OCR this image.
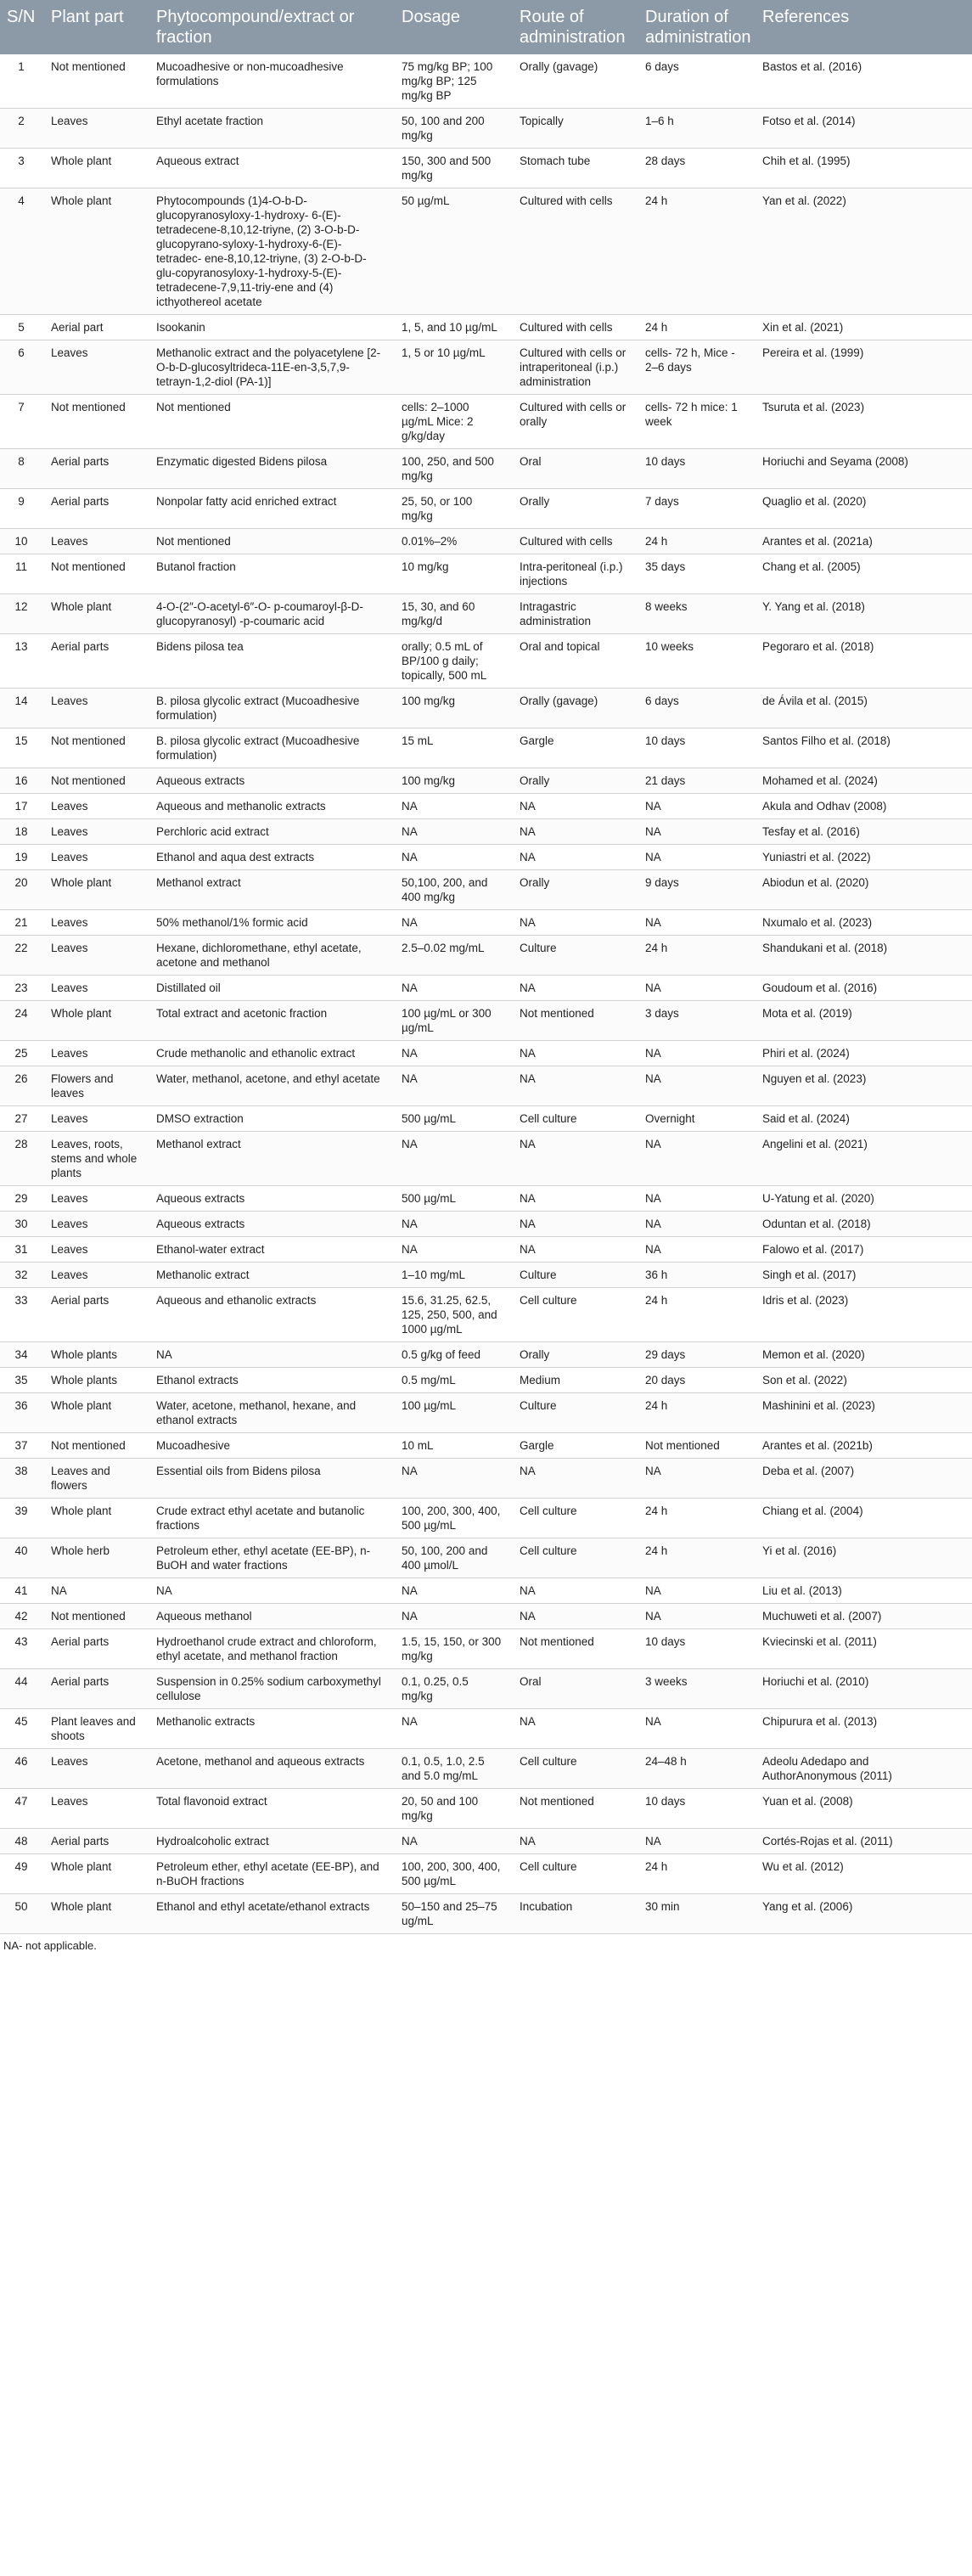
S/N	Plant part	Phytocompound/extract or fraction	Dosage	Route of administration	Duration of administration	References
1	Not mentioned	Mucoadhesive or non-mucoadhesive formulations	75 mg/kg BP; 100 mg/kg BP; 125 mg/kg BP	Orally (gavage)	6 days	Bastos et al. (2016)
2	Leaves	Ethyl acetate fraction	50, 100 and 200 mg/kg	Topically	1–6 h	Fotso et al. (2014)
3	Whole plant	Aqueous extract	150, 300 and 500 mg/kg	Stomach tube	28 days	Chih et al. (1995)
4	Whole plant	Phytocompounds (1)4-O-b-D-glucopyranosyloxy-1-hydroxy- 6-(E)-tetradecene-8,10,12-triyne, (2) 3-O-b-D-glucopyrano-syloxy-1-hydroxy-6-(E)-tetradec- ene-8,10,12-triyne, (3) 2-O-b-D-glu-copyranosyloxy-1-hydroxy-5-(E)-tetradecene-7,9,11-triy-ene and (4) icthyothereol acetate	50 µg/mL	Cultured with cells	24 h	Yan et al. (2022)
5	Aerial part	Isookanin	1, 5, and 10 µg/mL	Cultured with cells	24 h	Xin et al. (2021)
6	Leaves	Methanolic extract and the polyacetylene [2-O-b-D-glucosyltrideca-11E-en-3,5,7,9-tetrayn-1,2-diol (PA-1)]	1, 5 or 10 µg/mL	Cultured with cells or intraperitoneal (i.p.) administration	cells- 72 h, Mice - 2–6 days	Pereira et al. (1999)
7	Not mentioned	Not mentioned	cells: 2–1000 µg/mL Mice: 2 g/kg/day	Cultured with cells or orally	cells- 72 h mice: 1 week	Tsuruta et al. (2023)
8	Aerial parts	Enzymatic digested Bidens pilosa	100, 250, and 500 mg/kg	Oral	10 days	Horiuchi and Seyama (2008)
9	Aerial parts	Nonpolar fatty acid enriched extract	25, 50, or 100 mg/kg	Orally	7 days	Quaglio et al. (2020)
10	Leaves	Not mentioned	0.01%–2%	Cultured with cells	24 h	Arantes et al. (2021a)
11	Not mentioned	Butanol fraction	10 mg/kg	Intra-peritoneal (i.p.) injections	35 days	Chang et al. (2005)
12	Whole plant	4-O-(2″-O-acetyl-6″-O- p-coumaroyl-β-D-glucopyranosyl) -p-coumaric acid	15, 30, and 60 mg/kg/d	Intragastric administration	8 weeks	Y. Yang et al. (2018)
13	Aerial parts	Bidens pilosa tea	orally; 0.5 mL of BP/100 g daily; topically, 500 mL	Oral and topical	10 weeks	Pegoraro et al. (2018)
14	Leaves	B. pilosa glycolic extract (Mucoadhesive formulation)	100 mg/kg	Orally (gavage)	6 days	de Ávila et al. (2015)
15	Not mentioned	B. pilosa glycolic extract (Mucoadhesive formulation)	15 mL	Gargle	10 days	Santos Filho et al. (2018)
16	Not mentioned	Aqueous extracts	100 mg/kg	Orally	21 days	Mohamed et al. (2024)
17	Leaves	Aqueous and methanolic extracts	NA	NA	NA	Akula and Odhav (2008)
18	Leaves	Perchloric acid extract	NA	NA	NA	Tesfay et al. (2016)
19	Leaves	Ethanol and aqua dest extracts	NA	NA	NA	Yuniastri et al. (2022)
20	Whole plant	Methanol extract	50,100, 200, and 400 mg/kg	Orally	9 days	Abiodun et al. (2020)
21	Leaves	50% methanol/1% formic acid	NA	NA	NA	Nxumalo et al. (2023)
22	Leaves	Hexane, dichloromethane, ethyl acetate, acetone and methanol	2.5–0.02 mg/mL	Culture	24 h	Shandukani et al. (2018)
23	Leaves	Distillated oil	NA	NA	NA	Goudoum et al. (2016)
24	Whole plant	Total extract and acetonic fraction	100 µg/mL or 300 µg/mL	Not mentioned	3 days	Mota et al. (2019)
25	Leaves	Crude methanolic and ethanolic extract	NA	NA	NA	Phiri et al. (2024)
26	Flowers and leaves	Water, methanol, acetone, and ethyl acetate	NA	NA	NA	Nguyen et al. (2023)
27	Leaves	DMSO extraction	500 µg/mL	Cell culture	Overnight	Said et al. (2024)
28	Leaves, roots, stems and whole plants	Methanol extract	NA	NA	NA	Angelini et al. (2021)
29	Leaves	Aqueous extracts	500 µg/mL	NA	NA	U-Yatung et al. (2020)
30	Leaves	Aqueous extracts	NA	NA	NA	Oduntan et al. (2018)
31	Leaves	Ethanol-water extract	NA	NA	NA	Falowo et al. (2017)
32	Leaves	Methanolic extract	1–10 mg/mL	Culture	36 h	Singh et al. (2017)
33	Aerial parts	Aqueous and ethanolic extracts	15.6, 31.25, 62.5, 125, 250, 500, and 1000 µg/mL	Cell culture	24 h	Idris et al. (2023)
34	Whole plants	NA	0.5 g/kg of feed	Orally	29 days	Memon et al. (2020)
35	Whole plants	Ethanol extracts	0.5 mg/mL	Medium	20 days	Son et al. (2022)
36	Whole plant	Water, acetone, methanol, hexane, and ethanol extracts	100 µg/mL	Culture	24 h	Mashinini et al. (2023)
37	Not mentioned	Mucoadhesive	10 mL	Gargle	Not mentioned	Arantes et al. (2021b)
38	Leaves and flowers	Essential oils from Bidens pilosa	NA	NA	NA	Deba et al. (2007)
39	Whole plant	Crude extract ethyl acetate and butanolic fractions	100, 200, 300, 400, 500 µg/mL	Cell culture	24 h	Chiang et al. (2004)
40	Whole herb	Petroleum ether, ethyl acetate (EE-BP), n-BuOH and water fractions	50, 100, 200 and 400 µmol/L	Cell culture	24 h	Yi et al. (2016)
41	NA	NA	NA	NA	NA	Liu et al. (2013)
42	Not mentioned	Aqueous methanol	NA	NA	NA	Muchuweti et al. (2007)
43	Aerial parts	Hydroethanol crude extract and chloroform, ethyl acetate, and methanol fraction	1.5, 15, 150, or 300 mg/kg	Not mentioned	10 days	Kviecinski et al. (2011)
44	Aerial parts	Suspension in 0.25% sodium carboxymethyl cellulose	0.1, 0.25, 0.5 mg/kg	Oral	3 weeks	Horiuchi et al. (2010)
45	Plant leaves and shoots	Methanolic extracts	NA	NA	NA	Chipurura et al. (2013)
46	Leaves	Acetone, methanol and aqueous extracts	0.1, 0.5, 1.0, 2.5 and 5.0 mg/mL	Cell culture	24–48 h	Adeolu Adedapo and AuthorAnonymous (2011)
47	Leaves	Total flavonoid extract	20, 50 and 100 mg/kg	Not mentioned	10 days	Yuan et al. (2008)
48	Aerial parts	Hydroalcoholic extract	NA	NA	NA	Cortés-Rojas et al. (2011)
49	Whole plant	Petroleum ether, ethyl acetate (EE-BP), and n-BuOH fractions	100, 200, 300, 400, 500 µg/mL	Cell culture	24 h	Wu et al. (2012)
50	Whole plant	Ethanol and ethyl acetate/ethanol extracts	50–150 and 25–75 ug/mL	Incubation	30 min	Yang et al. (2006)
NA- not applicable.
